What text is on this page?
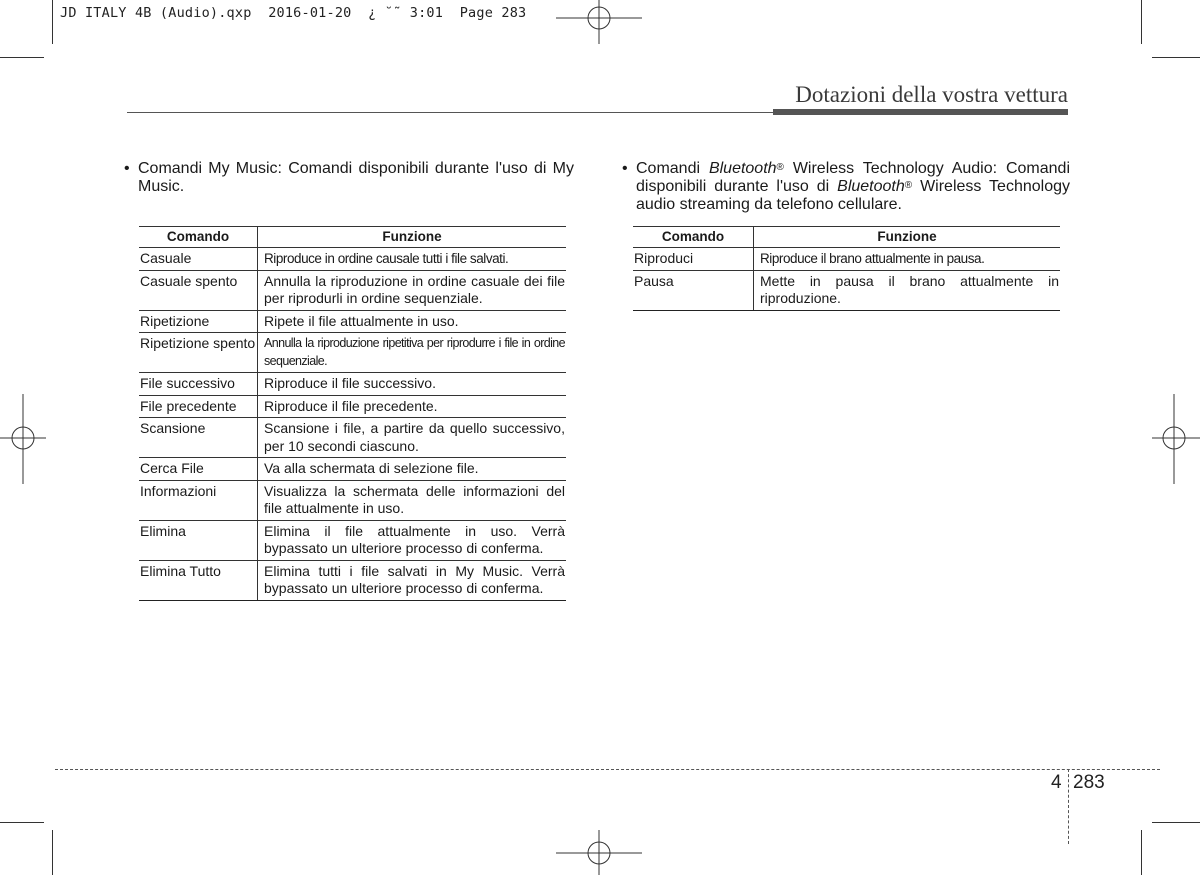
JD ITALY 4B (Audio).qxp  2016-01-20  ¿ ˘˜ 3:01  Page 283
Dotazioni della vostra vettura
• Comandi My Music: Comandi disponibili durante l'uso di My Music.
Comando	Funzione
Casuale	Riproduce in ordine causale tutti i file salvati.
Casuale spento	Annulla la riproduzione in ordine casuale dei file per riprodurli in ordine sequenziale.
Ripetizione	Ripete il file attualmente in uso.
Ripetizione spento	Annulla la riproduzione ripetitiva per riprodurre i file in ordine sequenziale.
File successivo	Riproduce il file successivo.
File precedente	Riproduce il file precedente.
Scansione	Scansione i file, a partire da quello successivo, per 10 secondi ciascuno.
Cerca File	Va alla schermata di selezione file.
Informazioni	Visualizza la schermata delle informazioni del file attualmente in uso.
Elimina	Elimina il file attualmente in uso. Verrà bypassato un ulteriore processo di conferma.
Elimina Tutto	Elimina tutti i file salvati in My Music. Verrà bypassato un ulteriore processo di conferma.
• Comandi Bluetooth® Wireless Technology Audio: Comandi disponibili durante l'uso di Bluetooth® Wireless Technology audio streaming da telefono cellulare.
Comando	Funzione
Riproduci	Riproduce il brano attualmente in pausa.
Pausa	Mette in pausa il brano attualmente in riproduzione.
4 283
